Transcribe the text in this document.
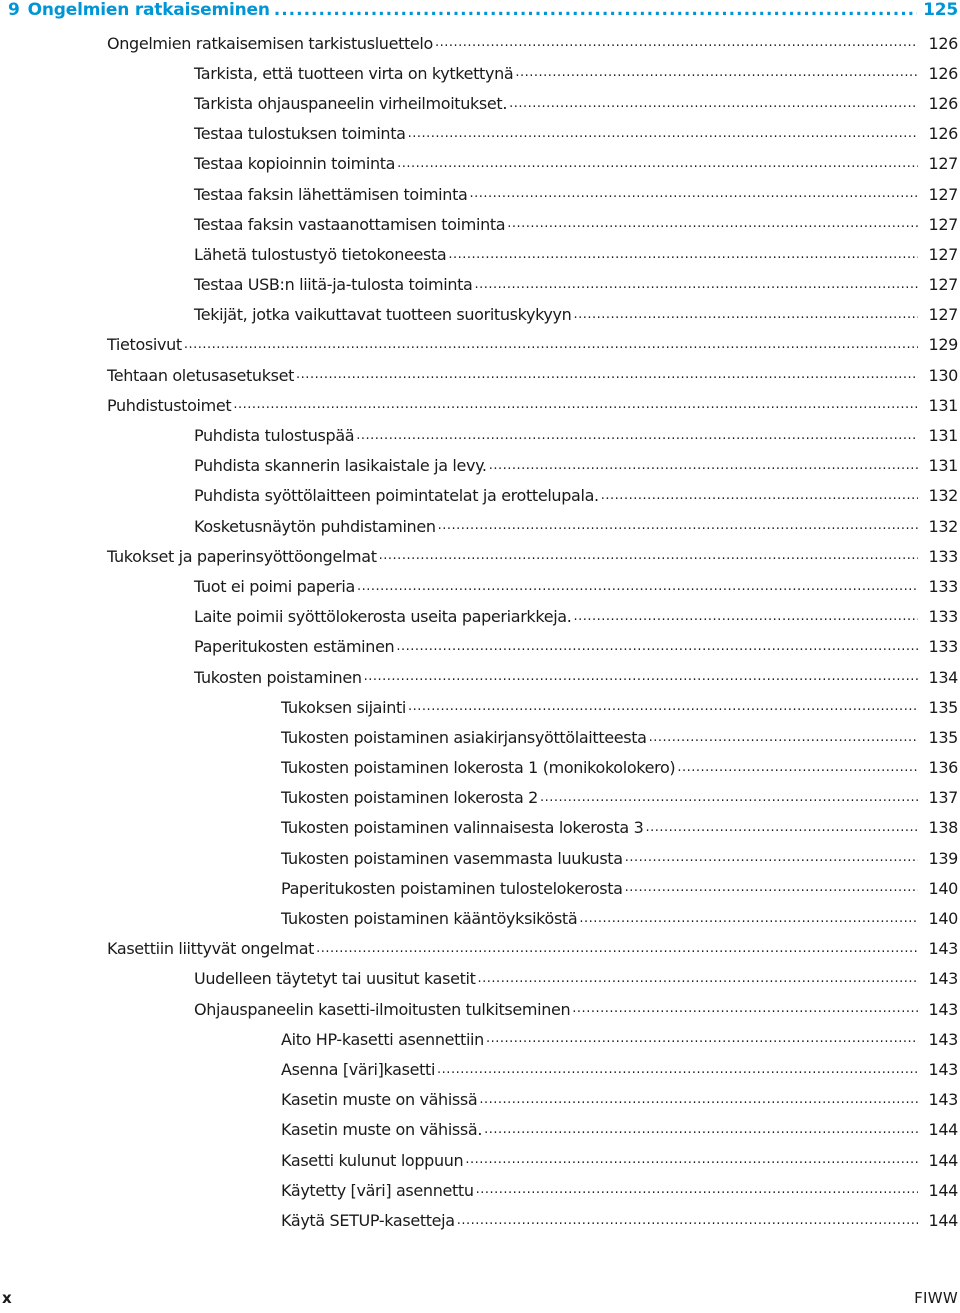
9 Ongelmien ratkaiseminen .....	125
Ongelmien ratkaisemisen tarkistusluettelo .....	126
Tarkista, että tuotteen virta on kytkettynä .....	126
Tarkista ohjauspaneelin virheilmoitukset. .....	126
Testaa tulostuksen toiminta .....	126
Testaa kopioinnin toiminta .....	127
Testaa faksin lähettämisen toiminta .....	127
Testaa faksin vastaanottamisen toiminta .....	127
Lähetä tulostustyö tietokoneesta .....	127
Testaa USB:n liitä-ja-tulosta toiminta .....	127
Tekijät, jotka vaikuttavat tuotteen suorituskykyyn .....	127
Tietosivut .....	129
Tehtaan oletusasetukset .....	130
Puhdistustoimet .....	131
Puhdista tulostuspää .....	131
Puhdista skannerin lasikaistale ja levy. .....	131
Puhdista syöttölaitteen poimintatelat ja erottelupala. .....	132
Kosketusnäytön puhdistaminen .....	132
Tukokset ja paperinsyöttöongelmat .....	133
Tuot ei poimi paperia .....	133
Laite poimii syöttölokerosta useita paperiarkkeja. .....	133
Paperitukosten estäminen .....	133
Tukosten poistaminen .....	134
Tukoksen sijainti .....	135
Tukosten poistaminen asiakirjansyöttölaitteesta .....	135
Tukosten poistaminen lokerosta 1 (monikokolokero) .....	136
Tukosten poistaminen lokerosta 2 .....	137
Tukosten poistaminen valinnaisesta lokerosta 3 .....	138
Tukosten poistaminen vasemmasta luukusta .....	139
Paperitukosten poistaminen tulostelokerosta .....	140
Tukosten poistaminen kääntöyksiköstä .....	140
Kasettiin liittyvät ongelmat .....	143
Uudelleen täytetyt tai uusitut kasetit .....	143
Ohjauspaneelin kasetti-ilmoitusten tulkitseminen .....	143
Aito HP-kasetti asennettiin .....	143
Asenna [väri]kasetti .....	143
Kasetin muste on vähissä .....	143
Kasetin muste on vähissä. .....	144
Kasetti kulunut loppuun .....	144
Käytetty [väri] asennettu .....	144
Käytä SETUP-kasetteja .....	144
x	FIWW
